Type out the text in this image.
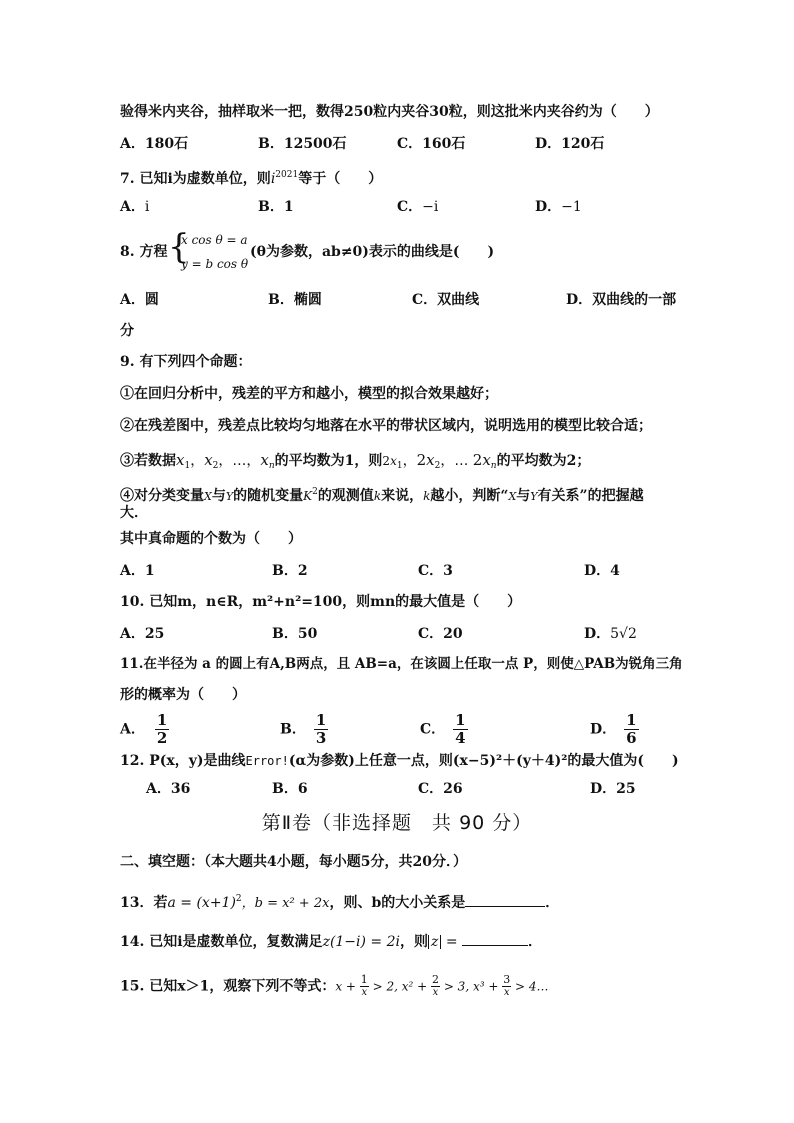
验得米内夹谷，抽样取米一把，数得250粒内夹谷30粒，则这批米内夹谷约为（　　）
A．180石	B．12500石	C．160石	D．120石
7. 已知i为虚数单位，则$i^{2021}$等于（　　）
A．i	B．1	C．−i	D．−1
8. 方程 {
x cos θ = a
y = b cos θ
(θ为参数，ab≠0)表示的曲线是(　　)
A．圆	B．椭圆	C．双曲线	D．双曲线的一部
分
9. 有下列四个命题：
①在回归分析中，残差的平方和越小，模型的拟合效果越好；
②在残差图中，残差点比较均匀地落在水平的带状区域内，说明选用的模型比较合适；
③若数据$x_1$，$x_2$，…，$x_n$的平均数为1，则$2x_1$，$2x_2$，… $2x_n$的平均数为2；
④对分类变量X与Y的随机变量$K^2$的观测值k来说，k越小，判断“X与Y有关系”的把握越
大．
其中真命题的个数为（　　）
A．1	B．2	C．3	D．4
10. 已知m，n∈R，m²+n²=100，则mn的最大值是（　　）
A．25	B．50	C．20	D．5√2
11.在半径为 a 的圆上有A,B两点，且 AB=a，在该圆上任取一点 P，则使△PAB为锐角三角
形的概率为（　　）
A． $\frac{1}{2}$	B． $\frac{1}{3}$	C． $\frac{1}{4}$	D． $\frac{1}{6}$
12. P(x，y)是曲线Error!(α为参数)上任意一点，则(x−5)²＋(y＋4)²的最大值为(　　)
A．36	B．6	C．26	D．25
第Ⅱ卷（非选择题　共 90 分）
二、填空题：（本大题共4小题，每小题5分，共20分．）
13．若$a = (x+1)^2$，b = x² + 2x，则、b的大小关系是	．
14. 已知i是虚数单位，复数满足z(1−i) = 2i，则 z =	．
15. 已知x＞1，观察下列不等式：$x + \frac{1}{x} > 2$, $x^2 + \frac{2}{x} > 3$, $x^3 + \frac{3}{x}$ > 4…
